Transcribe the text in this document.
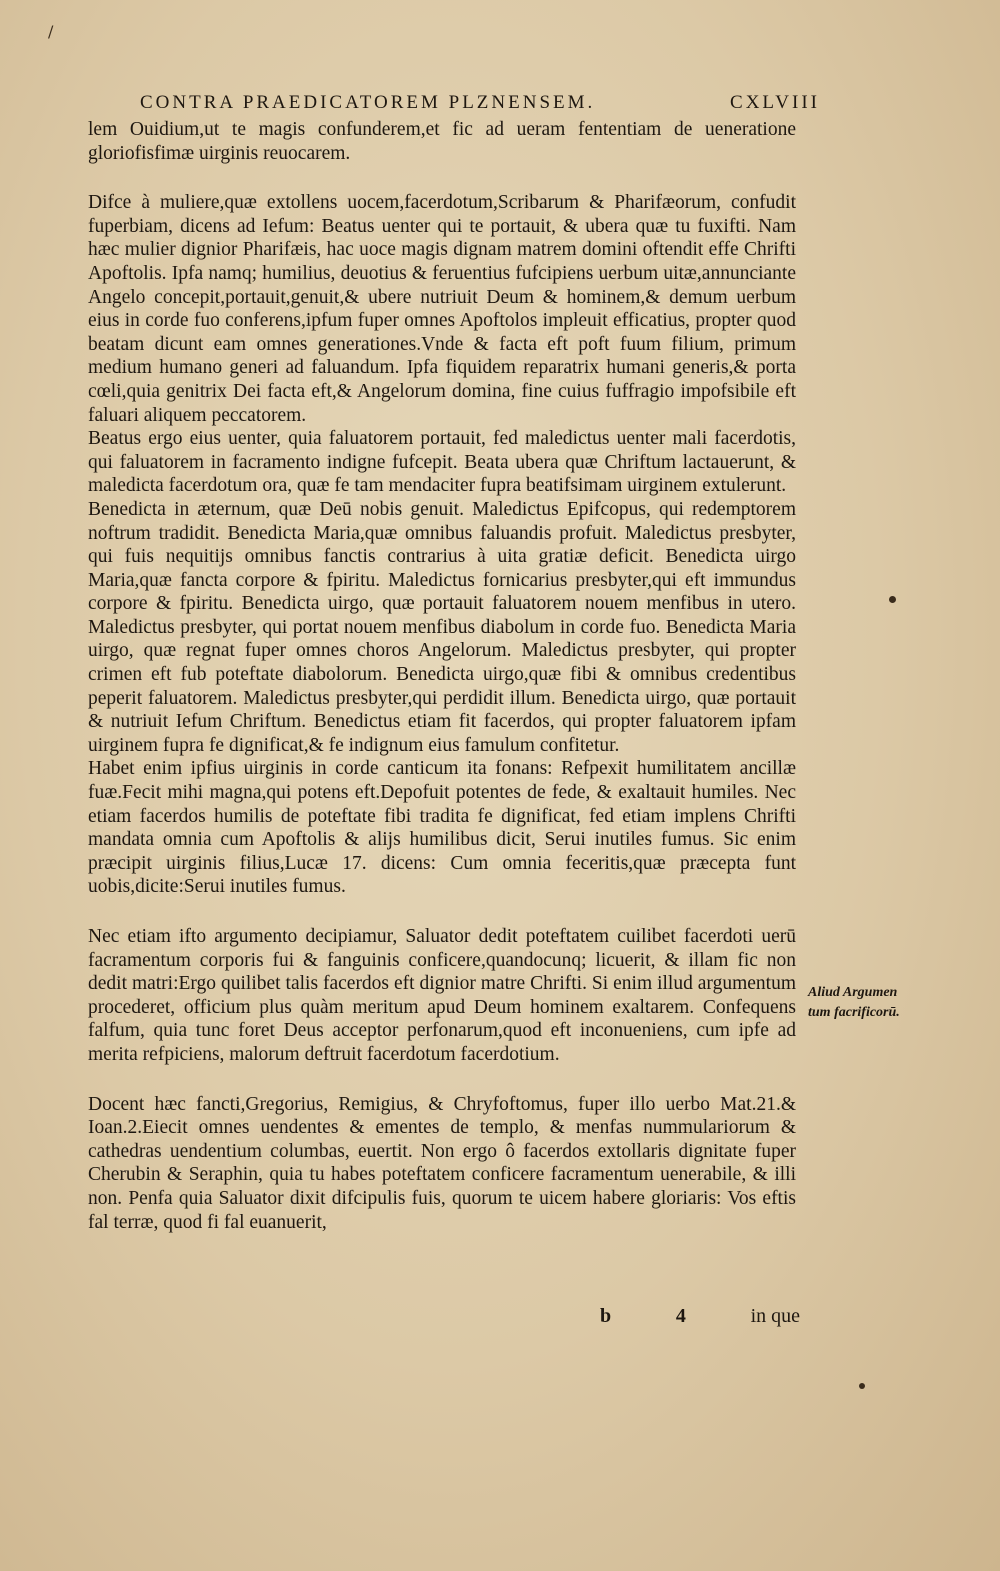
CONTRA PRAEDICATOREM PLZNENSEM.	CXLVIII

lem Ouidium,ut te magis confunderem,et fic ad ueram fententiam de ueneratione gloriofisfimæ uirginis reuocarem.

Difce à muliere,quæ extollens uocem,facerdotum,Scribarum & Pharifæorum, confudit fuperbiam, dicens ad Iefum: Beatus uenter qui te portauit, & ubera quæ tu fuxifti. Nam hæc mulier dignior Pharifæis, hac uoce magis dignam matrem domini oftendit effe Chrifti Apoftolis. Ipfa namq; humilius, deuotius & feruentius fufcipiens uerbum uitæ,annunciante Angelo concepit,portauit,genuit,& ubere nutriuit Deum & hominem,& demum uerbum eius in corde fuo conferens,ipfum fuper omnes Apoftolos impleuit efficatius, propter quod beatam dicunt eam omnes generationes.Vnde & facta eft poft fuum filium, primum medium humano generi ad faluandum. Ipfa fiquidem reparatrix humani generis,& porta cœli,quia genitrix Dei facta eft,& Angelorum domina, fine cuius fuffragio impofsibile eft faluari aliquem peccatorem.

Beatus ergo eius uenter, quia faluatorem portauit, fed maledictus uenter mali facerdotis, qui faluatorem in facramento indigne fufcepit. Beata ubera quæ Chriftum lactauerunt, & maledicta facerdotum ora, quæ fe tam mendaciter fupra beatifsimam uirginem extulerunt.

Benedicta in æternum, quæ Deū nobis genuit. Maledictus Epifcopus, qui redemptorem noftrum tradidit. Benedicta Maria,quæ omnibus faluandis profuit. Maledictus presbyter, qui fuis nequitijs omnibus fanctis contrarius à uita gratiæ deficit. Benedicta uirgo Maria,quæ fancta corpore & fpiritu. Maledictus fornicarius presbyter,qui eft immundus corpore & fpiritu. Benedicta uirgo, quæ portauit faluatorem nouem menfibus in utero. Maledictus presbyter, qui portat nouem menfibus diabolum in corde fuo. Benedicta Maria uirgo, quæ regnat fuper omnes choros Angelorum. Maledictus presbyter, qui propter crimen eft fub poteftate diabolorum. Benedicta uirgo,quæ fibi & omnibus credentibus peperit faluatorem. Maledictus presbyter,qui perdidit illum. Benedicta uirgo, quæ portauit & nutriuit Iefum Chriftum. Benedictus etiam fit facerdos, qui propter faluatorem ipfam uirginem fupra fe dignificat,& fe indignum eius famulum confitetur.

Habet enim ipfius uirginis in corde canticum ita fonans: Refpexit humilitatem ancillæ fuæ.Fecit mihi magna,qui potens eft.Depofuit potentes de fede, & exaltauit humiles. Nec etiam facerdos humilis de poteftate fibi tradita fe dignificat, fed etiam implens Chrifti mandata omnia cum Apoftolis & alijs humilibus dicit, Serui inutiles fumus. Sic enim præcipit uirginis filius,Lucæ 17. dicens: Cum omnia feceritis,quæ præcepta funt uobis,dicite:Serui inutiles fumus.

Nec etiam ifto argumento decipiamur, Saluator dedit poteftatem cuilibet facerdoti uerū facramentum corporis fui & fanguinis conficere,quandocunq; licuerit, & illam fic non dedit matri:Ergo quilibet talis facerdos eft dignior matre Chrifti. Si enim illud argumentum procederet, officium plus quàm meritum apud Deum hominem exaltarem. Confequens falfum, quia tunc foret Deus acceptor perfonarum,quod eft inconueniens, cum ipfe ad merita refpiciens, malorum deftruit facerdotum facerdotium.

Docent hæc fancti,Gregorius, Remigius, & Chryfoftomus, fuper illo uerbo Mat.21.& Ioan.2.Eiecit omnes uendentes & ementes de templo, & menfas nummulariorum & cathedras uendentium columbas, euertit. Non ergo ô facerdos extollaris dignitate fuper Cherubin & Seraphin, quia tu habes poteftatem conficere facramentum uenerabile, & illi non. Penfa quia Saluator dixit difcipulis fuis, quorum te uicem habere gloriaris: Vos eftis fal terræ, quod fi fal euanuerit,

Aliud Argumen
tum facrificorū.
b	4	in que
/
